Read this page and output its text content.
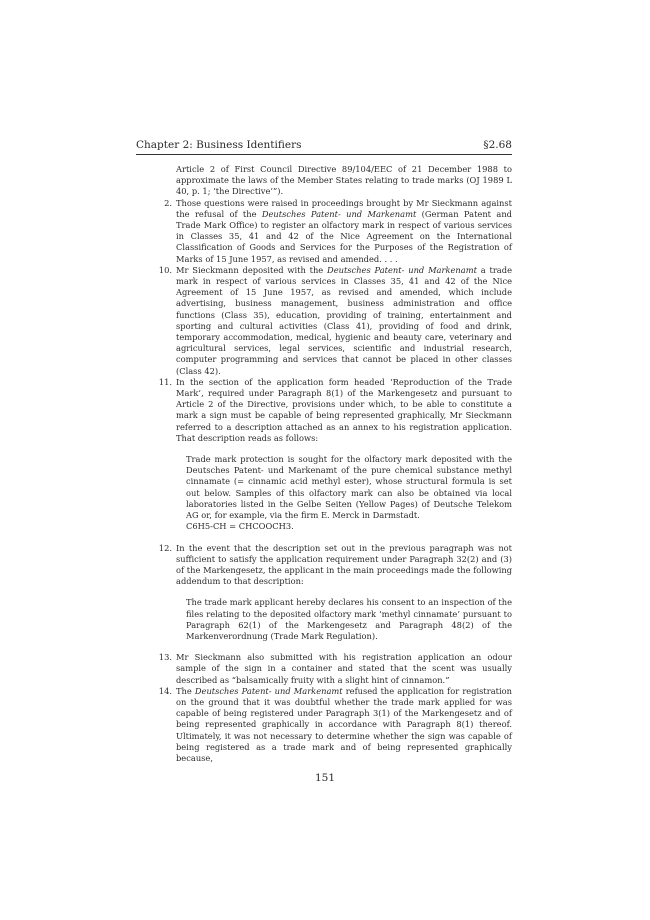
Chapter 2: Business Identifiers	§2.68
Article 2 of First Council Directive 89/104/EEC of 21 December 1988 to approximate the laws of the Member States relating to trade marks (OJ 1989 L 40, p. 1; ‘the Directive’”).
2. Those questions were raised in proceedings brought by Mr Sieckmann against the refusal of the Deutsches Patent- und Markenamt (German Patent and Trade Mark Office) to register an olfactory mark in respect of various services in Classes 35, 41 and 42 of the Nice Agreement on the International Classification of Goods and Services for the Purposes of the Registration of Marks of 15 June 1957, as revised and amended. . . .
10. Mr Sieckmann deposited with the Deutsches Patent- und Markenamt a trade mark in respect of various services in Classes 35, 41 and 42 of the Nice Agreement of 15 June 1957, as revised and amended, which include advertising, business management, business administration and office functions (Class 35), education, providing of training, entertainment and sporting and cultural activities (Class 41), providing of food and drink, temporary accommodation, medical, hygienic and beauty care, veterinary and agricultural services, legal services, scientific and industrial research, computer programming and services that cannot be placed in other classes (Class 42).
11. In the section of the application form headed ‘Reproduction of the Trade Mark’, required under Paragraph 8(1) of the Markengesetz and pursuant to Article 2 of the Directive, provisions under which, to be able to constitute a mark a sign must be capable of being represented graphically, Mr Sieckmann referred to a description attached as an annex to his registration application. That description reads as follows:

Trade mark protection is sought for the olfactory mark deposited with the Deutsches Patent- und Markenamt of the pure chemical substance methyl cinnamate (= cinnamic acid methyl ester), whose structural formula is set out below. Samples of this olfactory mark can also be obtained via local laboratories listed in the Gelbe Seiten (Yellow Pages) of Deutsche Telekom AG or, for example, via the firm E. Merck in Darmstadt.

C6H5-CH = CHCOOCH3.

12. In the event that the description set out in the previous paragraph was not sufficient to satisfy the application requirement under Paragraph 32(2) and (3) of the Markengesetz, the applicant in the main proceedings made the following addendum to that description:

The trade mark applicant hereby declares his consent to an inspection of the files relating to the deposited olfactory mark ‘methyl cinnamate’ pursuant to Paragraph 62(1) of the Markengesetz and Paragraph 48(2) of the Markenverordnung (Trade Mark Regulation).

13. Mr Sieckmann also submitted with his registration application an odour sample of the sign in a container and stated that the scent was usually described as “balsamically fruity with a slight hint of cinnamon.”
14. The Deutsches Patent- und Markenamt refused the application for registration on the ground that it was doubtful whether the trade mark applied for was capable of being registered under Paragraph 3(1) of the Markengesetz and of being represented graphically in accordance with Paragraph 8(1) thereof. Ultimately, it was not necessary to determine whether the sign was capable of being registered as a trade mark and of being represented graphically because,
151
